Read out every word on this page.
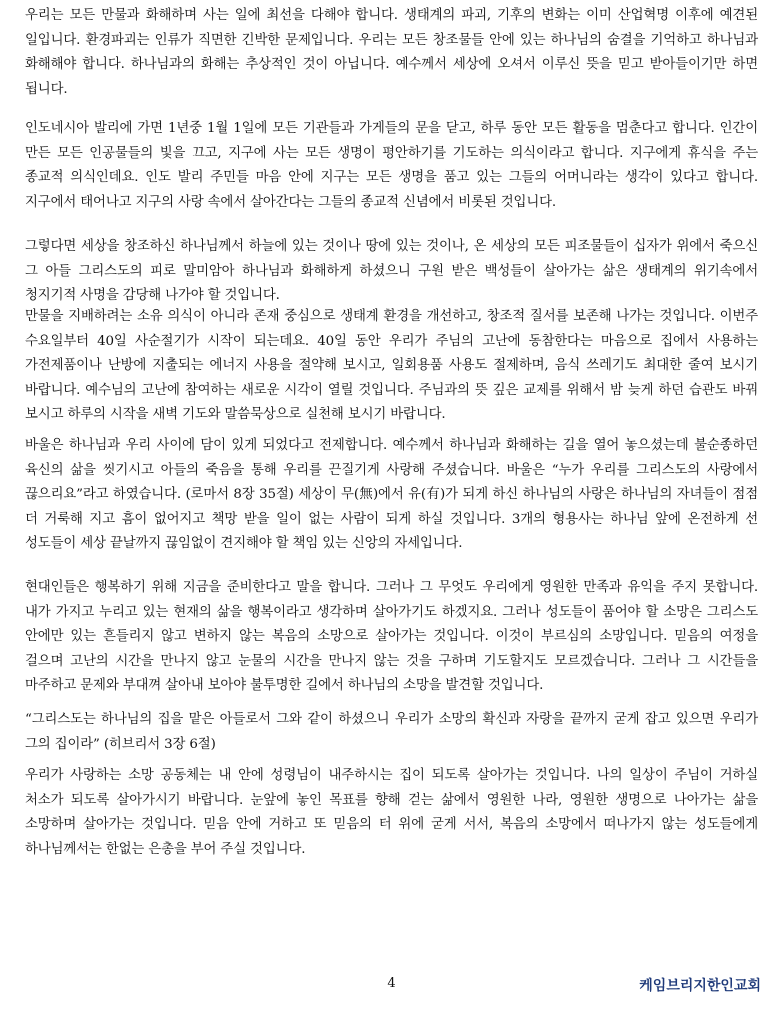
우리는 모든 만물과 화해하며 사는 일에 최선을 다해야 합니다. 생태계의 파괴, 기후의 변화는 이미 산업혁명 이후에 예견된 일입니다. 환경파괴는 인류가 직면한 긴박한 문제입니다. 우리는 모든 창조물들 안에 있는 하나님의 숨결을 기억하고 하나님과 화해해야 합니다. 하나님과의 화해는 추상적인 것이 아닙니다. 예수께서 세상에 오셔서 이루신 뜻을 믿고 받아들이기만 하면 됩니다.

인도네시아 발리에 가면 1년중 1월 1일에 모든 기관들과 가게들의 문을 닫고, 하루 동안 모든 활동을 멈춘다고 합니다. 인간이 만든 모든 인공물들의 빛을 끄고, 지구에 사는 모든 생명이 평안하기를 기도하는 의식이라고 합니다. 지구에게 휴식을 주는 종교적 의식인데요. 인도 발리 주민들 마음 안에 지구는 모든 생명을 품고 있는 그들의 어머니라는 생각이 있다고 합니다. 지구에서 태어나고 지구의 사랑 속에서 살아간다는 그들의 종교적 신념에서 비롯된 것입니다.

그렇다면 세상을 창조하신 하나님께서 하늘에 있는 것이나 땅에 있는 것이나, 온 세상의 모든 피조물들이 십자가 위에서 죽으신 그 아들 그리스도의 피로 말미암아 하나님과 화해하게 하셨으니 구원 받은 백성들이 살아가는 삶은 생태계의 위기속에서 청지기적 사명을 감당해 나가야 할 것입니다.

만물을 지배하려는 소유 의식이 아니라 존재 중심으로 생태계 환경을 개선하고, 창조적 질서를 보존해 나가는 것입니다. 이번주 수요일부터 40일 사순절기가 시작이 되는데요. 40일 동안 우리가 주님의 고난에 동참한다는 마음으로 집에서 사용하는 가전제품이나 난방에 지출되는 에너지 사용을 절약해 보시고, 일회용품 사용도 절제하며, 음식 쓰레기도 최대한 줄여 보시기 바랍니다. 예수님의 고난에 참여하는 새로운 시각이 열릴 것입니다. 주님과의 뜻 깊은 교제를 위해서 밤 늦게 하던 습관도 바꿔 보시고 하루의 시작을 새벽 기도와 말씀묵상으로 실천해 보시기 바랍니다.

바울은 하나님과 우리 사이에 담이 있게 되었다고 전제합니다. 예수께서 하나님과 화해하는 길을 열어 놓으셨는데 불순종하던 육신의 삶을 씻기시고 아들의 죽음을 통해 우리를 끈질기게 사랑해 주셨습니다. 바울은 “누가 우리를 그리스도의 사랑에서 끊으리요”라고 하였습니다. (로마서 8장 35절) 세상이 무(無)에서 유(有)가 되게 하신 하나님의 사랑은 하나님의 자녀들이 점점 더 거룩해 지고 흠이 없어지고 책망 받을 일이 없는 사람이 되게 하실 것입니다. 3개의 형용사는 하나님 앞에 온전하게 선 성도들이 세상 끝날까지 끊임없이 견지해야 할 책임 있는 신앙의 자세입니다.

현대인들은 행복하기 위해 지금을 준비한다고 말을 합니다. 그러나 그 무엇도 우리에게 영원한 만족과 유익을 주지 못합니다. 내가 가지고 누리고 있는 현재의 삶을 행복이라고 생각하며 살아가기도 하겠지요. 그러나 성도들이 품어야 할 소망은 그리스도 안에만 있는 흔들리지 않고 변하지 않는 복음의 소망으로 살아가는 것입니다. 이것이 부르심의 소망입니다. 믿음의 여정을 걸으며 고난의 시간을 만나지 않고 눈물의 시간을 만나지 않는 것을 구하며 기도할지도 모르겠습니다. 그러나 그 시간들을 마주하고 문제와 부대껴 살아내 보아야 불투명한 길에서 하나님의 소망을 발견할 것입니다.

“그리스도는 하나님의 집을 맡은 아들로서 그와 같이 하셨으니 우리가 소망의 확신과 자랑을 끝까지 굳게 잡고 있으면 우리가 그의 집이라” (히브리서 3장 6절)

우리가 사랑하는 소망 공동체는 내 안에 성령님이 내주하시는 집이 되도록 살아가는 것입니다. 나의 일상이 주님이 거하실 처소가 되도록 살아가시기 바랍니다. 눈앞에 놓인 목표를 향해 걷는 삶에서 영원한 나라, 영원한 생명으로 나아가는 삶을 소망하며 살아가는 것입니다. 믿음 안에 거하고 또 믿음의 터 위에 굳게 서서, 복음의 소망에서 떠나가지 않는 성도들에게 하나님께서는 한없는 은총을 부어 주실 것입니다.

4	케임브리지한인교회
